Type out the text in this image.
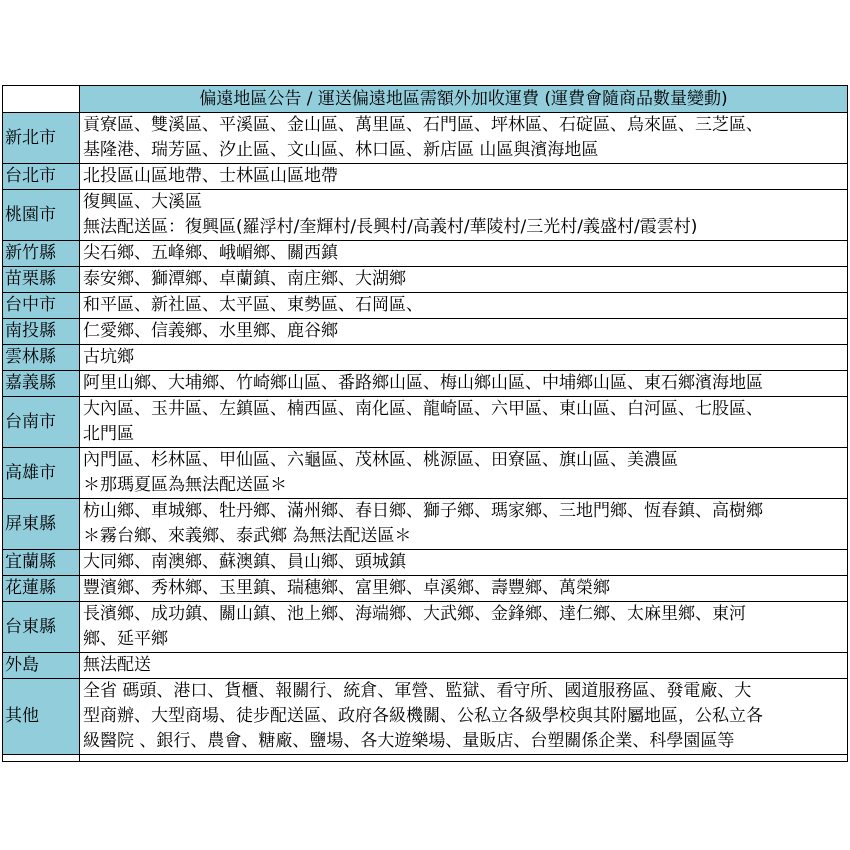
	偏遠地區公告 / 運送偏遠地區需額外加收運費 (運費會隨商品數量變動)
新北市	貢寮區、雙溪區、平溪區、金山區、萬里區、石門區、坪林區、石碇區、烏來區、三芝區、
基隆港、瑞芳區、汐止區、文山區、林口區、新店區 山區與濱海地區

台北市	北投區山區地帶、士林區山區地帶

桃園市	復興區、大溪區
無法配送區：復興區(羅浮村/奎輝村/長興村/高義村/華陵村/三光村/義盛村/霞雲村)

新竹縣	尖石鄉、五峰鄉、峨嵋鄉、關西鎮

苗栗縣	泰安鄉、獅潭鄉、卓蘭鎮、南庄鄉、大湖鄉

台中市	和平區、新社區、太平區、東勢區、石岡區、

南投縣	仁愛鄉、信義鄉、水里鄉、鹿谷鄉

雲林縣	古坑鄉

嘉義縣	阿里山鄉、大埔鄉、竹崎鄉山區、番路鄉山區、梅山鄉山區、中埔鄉山區、東石鄉濱海地區

台南市	大內區、玉井區、左鎮區、楠西區、南化區、龍崎區、六甲區、東山區、白河區、七股區、
北門區

高雄市	內門區、杉林區、甲仙區、六龜區、茂林區、桃源區、田寮區、旗山區、美濃區
＊那瑪夏區為無法配送區＊

屏東縣	枋山鄉、車城鄉、牡丹鄉、滿州鄉、春日鄉、獅子鄉、瑪家鄉、三地門鄉、恆春鎮、高樹鄉
＊霧台鄉、來義鄉、泰武鄉 為無法配送區＊

宜蘭縣	大同鄉、南澳鄉、蘇澳鎮、員山鄉、頭城鎮

花蓮縣	豐濱鄉、秀林鄉、玉里鎮、瑞穗鄉、富里鄉、卓溪鄉、壽豐鄉、萬榮鄉

台東縣	長濱鄉、成功鎮、關山鎮、池上鄉、海端鄉、大武鄉、金鋒鄉、達仁鄉、太麻里鄉、東河
鄉、延平鄉

外島	無法配送

其他	全省 碼頭、港口、貨櫃、報關行、統倉、軍營、監獄、看守所、國道服務區、發電廠、大
型商辦、大型商場、徒步配送區、政府各級機關、公私立各級學校與其附屬地區，公私立各
級醫院 、銀行、農會、糖廠、鹽場、各大遊樂場、量販店、台塑關係企業、科學園區等
